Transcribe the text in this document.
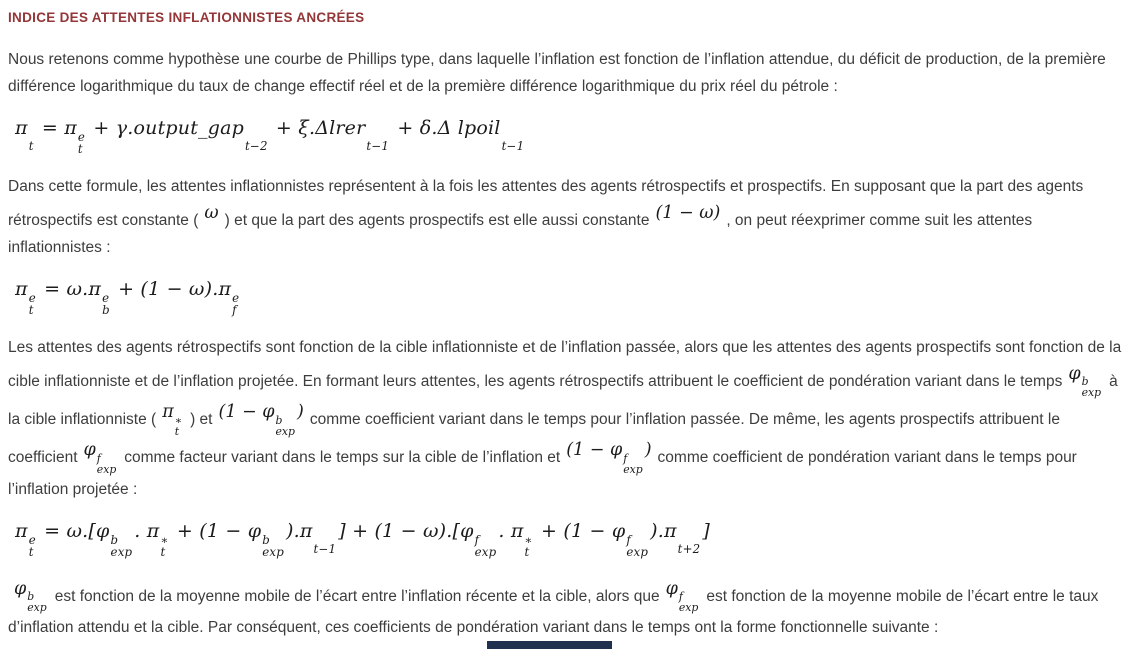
INDICE DES ATTENTES INFLATIONNISTES ANCRÉES

Nous retenons comme hypothèse une courbe de Phillips type, dans laquelle l’inflation est fonction de l’inflation attendue, du déficit de production, de la première différence logarithmique du taux de change effectif réel et de la première différence logarithmique du prix réel du pétrole :

π
t
= π e
t
+ γ.output_gap
t−2
+ ξ.Δlrer
t−1
+ δ.Δ lpoil
t−1

Dans cette formule, les attentes inflationnistes représentent à la fois les attentes des agents rétrospectifs et prospectifs. En supposant que la part des agents rétrospectifs est constante ( ω ) et que la part des agents prospectifs est elle aussi constante (1 − ω) , on peut réexprimer comme suit les attentes inflationnistes :

π e
t
= ω.π e
b
+ (1 − ω).π e
f

Les attentes des agents rétrospectifs sont fonction de la cible inflationniste et de l’inflation passée, alors que les attentes des agents prospectifs sont fonction de la cible inflationniste et de l’inflation projetée. En formant leurs attentes, les agents rétrospectifs attribuent le coefficient de pondération variant dans le temps φ b
exp
à la cible inflationniste ( π ∗
t
) et (1 − φ b
exp
) comme coefficient variant dans le temps pour l’inflation passée. De même, les agents prospectifs attribuent le coefficient φ f
exp
comme facteur variant dans le temps sur la cible de l’inflation et (1 − φ f
exp
) comme coefficient de pondération variant dans le temps pour l’inflation projetée :

π e
t
= ω.[φ b
exp
. π ∗
t
+ (1 − φ b
exp
).π
t−1
] + (1 − ω).[φ f
exp
. π ∗
t
+ (1 − φ f
exp
).π
t+2
]

φ b
exp
est fonction de la moyenne mobile de l’écart entre l’inflation récente et la cible, alors que φ f
exp
est fonction de la moyenne mobile de l’écart entre le taux d’inflation attendu et la cible. Par conséquent, ces coefficients de pondération variant dans le temps ont la forme fonctionnelle suivante :
